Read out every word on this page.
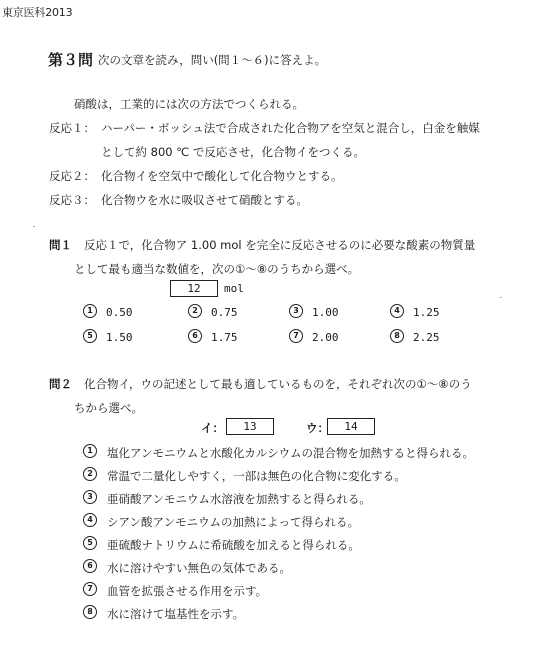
東京医科2013
第３問 次の文章を読み，問い(問１～６)に答えよ。
硝酸は，工業的には次の方法でつくられる。
反応１： ハーパー・ボッシュ法で合成された化合物アを空気と混合し，白金を触媒
として約 800 ℃ で反応させ，化合物イをつくる。
反応２： 化合物イを空気中で酸化して化合物ウとする。
反応３： 化合物ウを水に吸収させて硝酸とする。
問１ 反応１で，化合物ア 1.00 mol を完全に反応させるのに必要な酸素の物質量
として最も適当な数値を，次の①～⑧のうちから選べ。
12	mol
1	0.50	2	0.75	3	1.00	4	1.25
5	1.50	6	1.75	7	2.00	8	2.25
問２ 化合物イ，ウの記述として最も適しているものを，それぞれ次の①～⑧のう
ちから選べ。
イ：	13	ウ：	14
1	塩化アンモニウムと水酸化カルシウムの混合物を加熱すると得られる。
2	常温で二量化しやすく，一部は無色の化合物に変化する。
3	亜硝酸アンモニウム水溶液を加熱すると得られる。
4	シアン酸アンモニウムの加熱によって得られる。
5	亜硫酸ナトリウムに希硫酸を加えると得られる。
6	水に溶けやすい無色の気体である。
7	血管を拡張させる作用を示す。
8	水に溶けて塩基性を示す。
